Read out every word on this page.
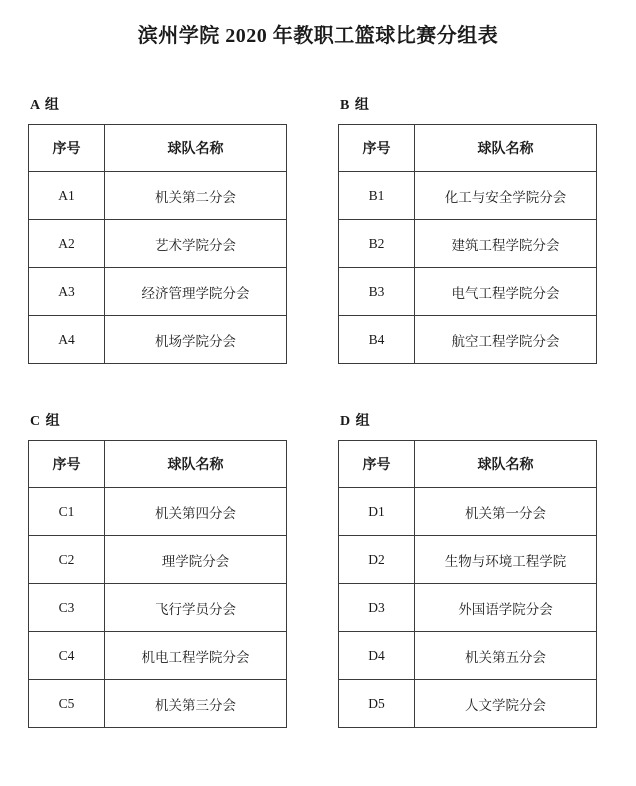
滨州学院 2020 年教职工篮球比赛分组表
A 组
序号	球队名称
A1	机关第二分会
A2	艺术学院分会
A3	经济管理学院分会
A4	机场学院分会
B 组
序号	球队名称
B1	化工与安全学院分会
B2	建筑工程学院分会
B3	电气工程学院分会
B4	航空工程学院分会
C 组
序号	球队名称
C1	机关第四分会
C2	理学院分会
C3	飞行学员分会
C4	机电工程学院分会
C5	机关第三分会
D 组
序号	球队名称
D1	机关第一分会
D2	生物与环境工程学院
D3	外国语学院分会
D4	机关第五分会
D5	人文学院分会
